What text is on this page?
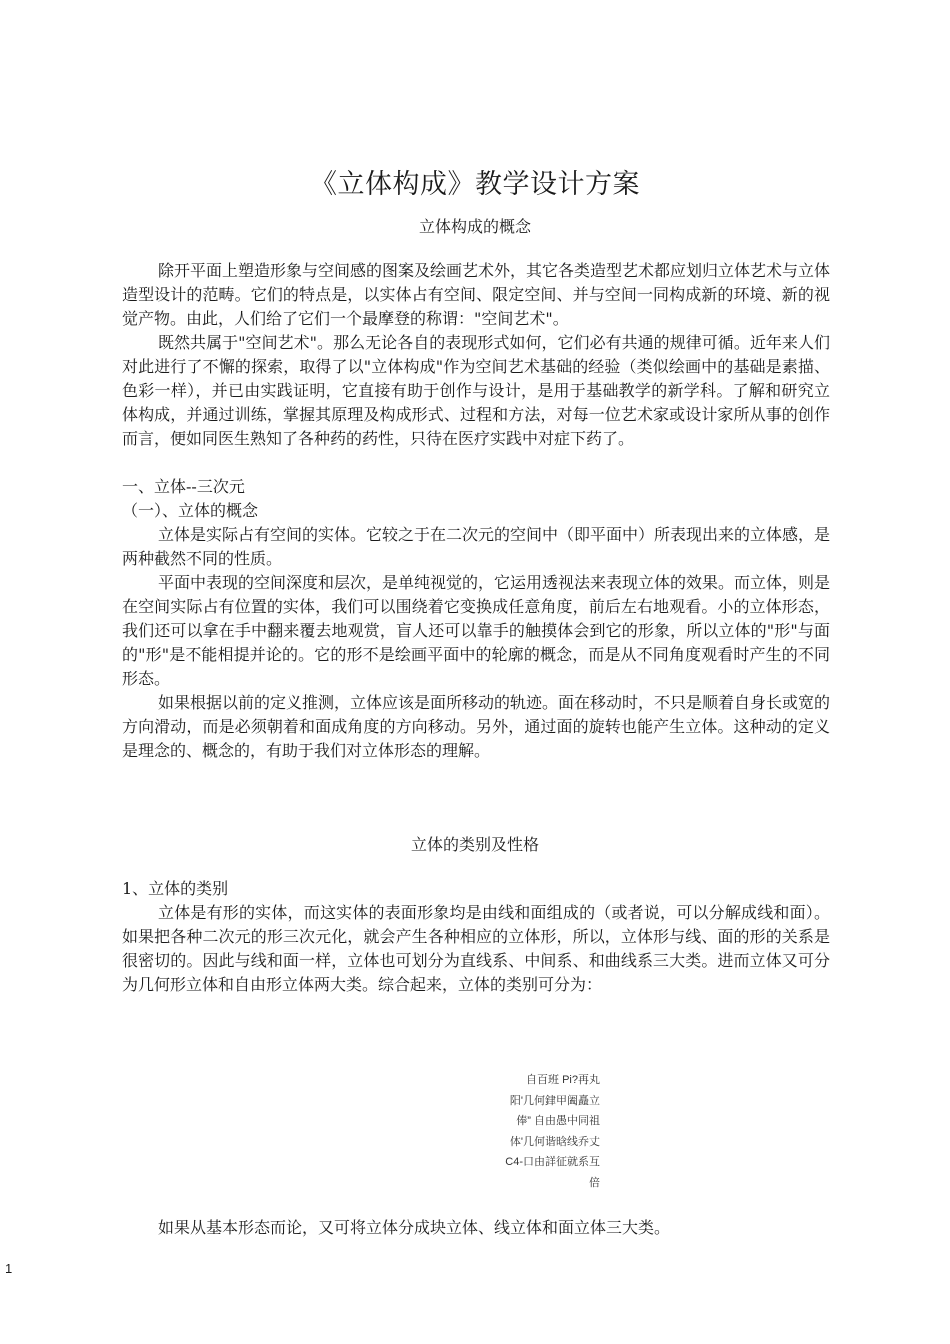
《立体构成》教学设计方案
立体构成的概念

除开平面上塑造形象与空间感的图案及绘画艺术外，其它各类造型艺术都应划归立体艺术与立体造型设计的范畴。它们的特点是，以实体占有空间、限定空间、并与空间一同构成新的环境、新的视觉产物。由此，人们给了它们一个最摩登的称谓："空间艺术"。

既然共属于"空间艺术"。那么无论各自的表现形式如何，它们必有共通的规律可循。近年来人们对此进行了不懈的探索，取得了以"立体构成"作为空间艺术基础的经验（类似绘画中的基础是素描、色彩一样），并已由实践证明，它直接有助于创作与设计，是用于基础教学的新学科。了解和研究立体构成，并通过训练，掌握其原理及构成形式、过程和方法，对每一位艺术家或设计家所从事的创作而言，便如同医生熟知了各种药的药性，只待在医疗实践中对症下药了。

一、立体--三次元

（一）、立体的概念

立体是实际占有空间的实体。它较之于在二次元的空间中（即平面中）所表现出来的立体感，是两种截然不同的性质。

平面中表现的空间深度和层次，是单纯视觉的，它运用透视法来表现立体的效果。而立体，则是在空间实际占有位置的实体，我们可以围绕着它变换成任意角度，前后左右地观看。小的立体形态，我们还可以拿在手中翻来覆去地观赏，盲人还可以靠手的触摸体会到它的形象，所以立体的"形"与面的"形"是不能相提并论的。它的形不是绘画平面中的轮廓的概念，而是从不同角度观看时产生的不同形态。

如果根据以前的定义推测，立体应该是面所移动的轨迹。面在移动时，不只是顺着自身长或宽的方向滑动，而是必须朝着和面成角度的方向移动。另外，通过面的旋转也能产生立体。这种动的定义是理念的、概念的，有助于我们对立体形态的理解。

立体的类别及性格

1、立体的类别

立体是有形的实体，而这实体的表面形象均是由线和面组成的（或者说，可以分解成线和面）。如果把各种二次元的形三次元化，就会产生各种相应的立体形，所以，立体形与线、面的形的关系是很密切的。因此与线和面一样，立体也可划分为直线系、中间系、和曲线系三大类。进而立体又可分为几何形立体和自由形立体两大类。综合起来，立体的类别可分为：

自百班 Pi?再丸
阳'几何銉甲阖矗立
俸” 自由愚中同祖
体'几何谐晗线乔丈
C4-口由詳征就系互
倍
如果从基本形态而论，又可将立体分成块立体、线立体和面立体三大类。
1
